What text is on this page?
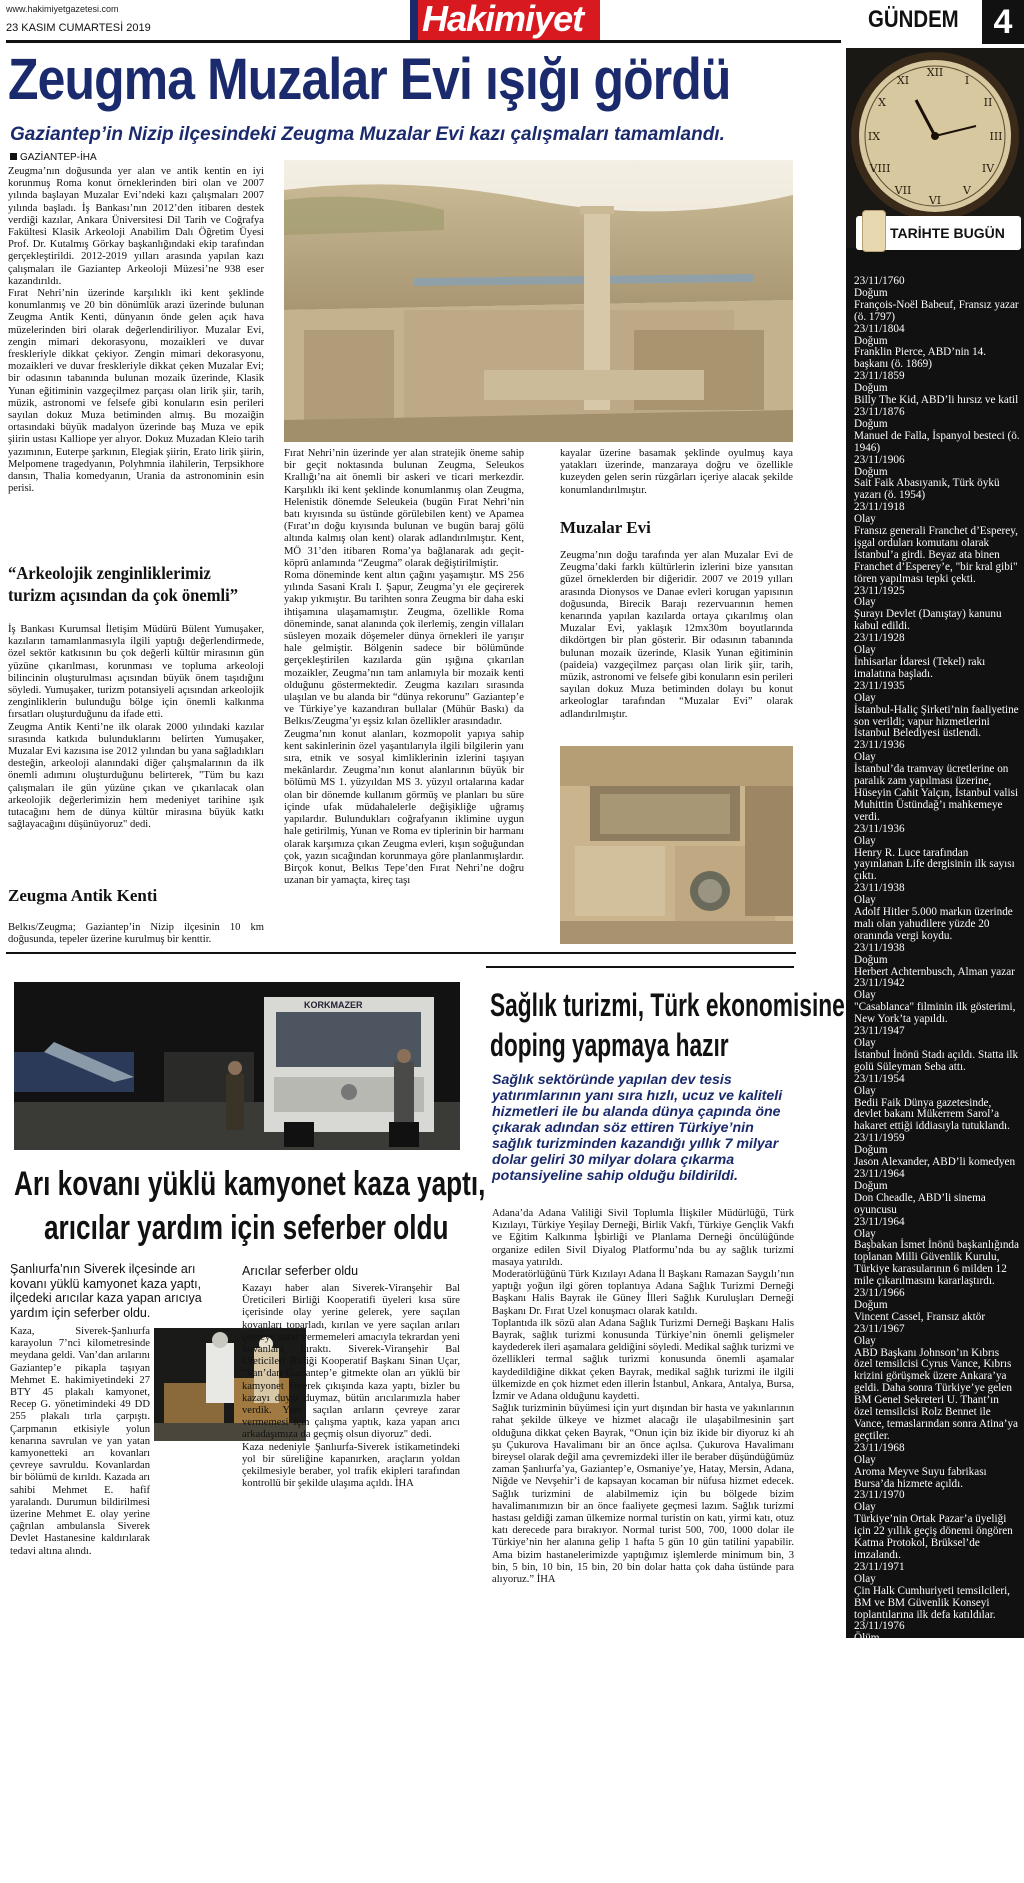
www.hakimiyetgazetesi.com
23 KASIM CUMARTESİ 2019	Hakimiyet	GÜNDEM	4
Zeugma Muzalar Evi ışığı gördü
Gaziantep’in Nizip ilçesindeki Zeugma Muzalar Evi kazı çalışmaları tamamlandı.
GAZİANTEP-İHA
Zeugma’nın doğusunda yer alan ve antik kentin en iyi korunmuş Roma konut örneklerinden biri olan ve 2007 yılında başlayan Muzalar Evi’ndeki kazı çalışmaları 2007 yılında başladı. İş Bankası’nın 2012’den itibaren destek verdiği kazılar, Ankara Üniversitesi Dil Tarih ve Coğrafya Fakültesi Klasik Arkeoloji Anabilim Dalı Öğretim Üyesi Prof. Dr. Kutalmış Görkay başkanlığındaki ekip tarafından gerçekleştirildi. 2012-2019 yılları arasında yapılan kazı çalışmaları ile Gaziantep Arkeoloji Müzesi’ne 938 eser kazandırıldı.
Fırat Nehri’nin üzerinde karşılıklı iki kent şeklinde konumlanmış ve 20 bin dönümlük arazi üzerinde bulunan Zeugma Antik Kenti, dünyanın önde gelen açık hava müzelerinden biri olarak değerlendiriliyor. Muzalar Evi, zengin mimari dekorasyonu, mozaikleri ve duvar freskleriyle dikkat çekiyor. Zengin mimari dekorasyonu, mozaikleri ve duvar freskleriyle dikkat çeken Muzalar Evi; bir odasının tabanında bulunan mozaik üzerinde, Klasik Yunan eğitiminin vazgeçilmez parçası olan lirik şiir, tarih, müzik, astronomi ve felsefe gibi konuların esin perileri sayılan dokuz Muza betiminden almış. Bu mozaiğin ortasındaki büyük madalyon üzerinde baş Muza ve epik şiirin ustası Kalliope yer alıyor. Dokuz Muzadan Kleio tarih yazımının, Euterpe şarkının, Elegiak şiirin, Erato lirik şiirin, Melpomene tragedyanın, Polyhmnia ilahilerin, Terpsikhore dansın, Thalia komedyanın, Urania da astronominin esin perisi.
“Arkeolojik zenginliklerimiz turizm açısından da çok önemli”
İş Bankası Kurumsal İletişim Müdürü Bülent Yumuşaker, kazıların tamamlanmasıyla ilgili yaptığı değerlendirmede, özel sektör katkısının bu çok değerli kültür mirasının gün yüzüne çıkarılması, korunması ve topluma arkeoloji bilincinin oluşturulması açısından büyük önem taşıdığını söyledi. Yumuşaker, turizm potansiyeli açısından arkeolojik zenginliklerin bulunduğu bölge için önemli kalkınma fırsatları oluşturduğunu da ifade etti.
Zeugma Antik Kenti’ne ilk olarak 2000 yılındaki kazılar sırasında katkıda bulunduklarını belirten Yumuşaker, Muzalar Evi kazısına ise 2012 yılından bu yana sağladıkları desteğin, arkeoloji alanındaki diğer çalışmalarının da ilk önemli adımını oluşturduğunu belirterek, "Tüm bu kazı çalışmaları ile gün yüzüne çıkan ve çıkarılacak olan arkeolojik değerlerimizin hem medeniyet tarihine ışık tutacağını hem de dünya kültür mirasına büyük katkı sağlayacağını düşünüyoruz" dedi.
Zeugma Antik Kenti
Belkıs/Zeugma; Gaziantep’in Nizip ilçesinin 10 km doğusunda, tepeler üzerine kurulmuş bir kenttir.
Fırat Nehri’nin üzerinde yer alan stratejik öneme sahip bir geçit noktasında bulunan Zeugma, Seleukos Krallığı’na ait önemli bir askeri ve ticari merkezdir. Karşılıklı iki kent şeklinde konumlanmış olan Zeugma, Helenistik dönemde Seleukeia (bugün Fırat Nehri’nin batı kıyısında su üstünde görülebilen kent) ve Apamea (Fırat’ın doğu kıyısında bulunan ve bugün baraj gölü altında kalmış olan kent) olarak adlandırılmıştır. Kent, MÖ 31’den itibaren Roma’ya bağlanarak adı geçit-köprü anlamında “Zeugma” olarak değiştirilmiştir.
Roma döneminde kent altın çağını yaşamıştır. MS 256 yılında Sasani Kralı I. Şapur, Zeugma’yı ele geçirerek yakıp yıkmıştır. Bu tarihten sonra Zeugma bir daha eski ihtişamına ulaşamamıştır. Zeugma, özellikle Roma döneminde, sanat alanında çok ilerlemiş, zengin villaları süsleyen mozaik döşemeler dünya örnekleri ile yarışır hale gelmiştir. Bölgenin sadece bir bölümünde gerçekleştirilen kazılarda gün ışığına çıkarılan mozaikler, Zeugma’nın tam anlamıyla bir mozaik kenti olduğunu göstermektedir. Zeugma kazıları sırasında ulaşılan ve bu alanda bir “dünya rekorunu” Gaziantep’e ve Türkiye’ye kazandıran bullalar (Mühür Baskı) da Belkıs/Zeugma’yı eşsiz kılan özellikler arasındadır.
Zeugma’nın konut alanları, kozmopolit yapıya sahip kent sakinlerinin özel yaşantılarıyla ilgili bilgilerin yanı sıra, etnik ve sosyal kimliklerinin izlerini taşıyan mekânlardır. Zeugma’nın konut alanlarının büyük bir bölümü MS 1. yüzyıldan MS 3. yüzyıl ortalarına kadar olan bir dönemde kullanım görmüş ve planları bu süre içinde ufak müdahalelerle değişikliğe uğramış yapılardır. Bulundukları coğrafyanın iklimine uygun hale getirilmiş, Yunan ve Roma ev tiplerinin bir harmanı olarak karşımıza çıkan Zeugma evleri, kışın soğuğundan çok, yazın sıcağından korunmaya göre planlanmışlardır. Birçok konut, Belkıs Tepe’den Fırat Nehri’ne doğru uzanan bir yamaçta, kireç taşı
kayalar üzerine basamak şeklinde oyulmuş kaya yatakları üzerinde, manzaraya doğru ve özellikle kuzeyden gelen serin rüzgârları içeriye alacak şekilde konumlandırılmıştır.
Muzalar Evi
Zeugma’nın doğu tarafında yer alan Muzalar Evi de Zeugma’daki farklı kültürlerin izlerini bize yansıtan güzel örneklerden bir diğeridir. 2007 ve 2019 yılları arasında Dionysos ve Danae evleri korugan yapısının doğusunda, Birecik Barajı rezervuarının hemen kenarında yapılan kazılarda ortaya çıkarılmış olan Muzalar Evi, yaklaşık 12mx30m boyutlarında dikdörtgen bir plan gösterir. Bir odasının tabanında bulunan mozaik üzerinde, Klasik Yunan eğitiminin (paideia) vazgeçilmez parçası olan lirik şiir, tarih, müzik, astronomi ve felsefe gibi konuların esin perileri sayılan dokuz Muza betiminden dolayı bu konut arkeologlar tarafından “Muzalar Evi” olarak adlandırılmıştır.
KORKMAZER
Arı kovanı yüklü kamyonet kaza yaptı,
arıcılar yardım için seferber oldu
Şanlıurfa’nın Siverek ilçesinde arı kovanı yüklü kamyonet kaza yaptı, ilçedeki arıcılar kaza yapan arıcıya yardım için seferber oldu.
Kaza, Siverek-Şanlıurfa karayolun 7’nci kilometresinde meydana geldi. Van’dan arılarını Gaziantep’e pikapla taşıyan Mehmet E. hakimiyetindeki 27 BTY 45 plakalı kamyonet, Recep G. yönetimindeki 49 DD 255 plakalı tırla çarpıştı. Çarpmanın etkisiyle yolun kenarına savrulan ve yan yatan kamyonetteki arı kovanları çevreye savruldu. Kovanlardan bir bölümü de kırıldı. Kazada arı sahibi Mehmet E. hafif yaralandı. Durumun bildirilmesi üzerine Mehmet E. olay yerine çağrılan ambulansla Siverek Devlet Hastanesine kaldırılarak tedavi altına alındı.
Arıcılar seferber oldu
Kazayı haber alan Siverek-Viranşehir Bal Üreticileri Birliği Kooperatifi üyeleri kısa süre içerisinde olay yerine gelerek, yere saçılan kovanları toparladı, kırılan ve yere saçılan arıları çevreye zarar vermemeleri amacıyla tekrardan yeni kovanlara bıraktı. Siverek-Viranşehir Bal Üreticileri Birliği Kooperatif Başkanı Sinan Uçar, "Van’dan Gaziantep’e gitmekte olan arı yüklü bir kamyonet Siverek çıkışında kaza yaptı, bizler bu kazayı duyar duymaz, bütün arıcılarımızla haber verdik. Yere saçılan arıların çevreye zarar vermemesi için çalışma yaptık, kaza yapan arıcı arkadaşımıza da geçmiş olsun diyoruz" dedi.
Kaza nedeniyle Şanlıurfa-Siverek istikametindeki yol bir süreliğine kapanırken, araçların yoldan çekilmesiyle beraber, yol trafik ekipleri tarafından kontrollü bir şekilde ulaşıma açıldı. İHA
Sağlık turizmi, Türk ekonomisine
doping yapmaya hazır
Sağlık sektöründe yapılan dev tesis yatırımlarının yanı sıra hızlı, ucuz ve kaliteli hizmetleri ile bu alanda dünya çapında öne çıkarak adından söz ettiren Türkiye’nin sağlık turizminden kazandığı yıllık 7 milyar dolar geliri 30 milyar dolara çıkarma potansiyeline sahip olduğu bildirildi.
Adana’da Adana Valiliği Sivil Toplumla İlişkiler Müdürlüğü, Türk Kızılayı, Türkiye Yeşilay Derneği, Birlik Vakfı, Türkiye Gençlik Vakfı ve Eğitim Kalkınma İşbirliği ve Planlama Derneği öncülüğünde organize edilen Sivil Diyalog Platformu’nda bu ay sağlık turizmi masaya yatırıldı.
Moderatörlüğünü Türk Kızılayı Adana İl Başkanı Ramazan Saygılı’nın yaptığı yoğun ilgi gören toplantıya Adana Sağlık Turizmi Derneği Başkanı Halis Bayrak ile Güney İlleri Sağlık Kuruluşları Derneği Başkanı Dr. Fırat Uzel konuşmacı olarak katıldı.
Toplantıda ilk sözü alan Adana Sağlık Turizmi Derneği Başkanı Halis Bayrak, sağlık turizmi konusunda Türkiye’nin önemli gelişmeler kaydederek ileri aşamalara geldiğini söyledi. Medikal sağlık turizmi ve özellikleri termal sağlık turizmi konusunda önemli aşamalar kaydedildiğine dikkat çeken Bayrak, medikal sağlık turizmi ile ilgili ülkemizde en çok hizmet eden illerin İstanbul, Ankara, Antalya, Bursa, İzmir ve Adana olduğunu kaydetti.
Sağlık turizminin büyümesi için yurt dışından bir hasta ve yakınlarının rahat şekilde ülkeye ve hizmet alacağı ile ulaşabilmesinin şart olduğuna dikkat çeken Bayrak, “Onun için biz ikide bir diyoruz ki ah şu Çukurova Havalimanı bir an önce açılsa. Çukurova Havalimanı bireysel olarak değil ama çevremizdeki iller ile beraber düşündüğümüz zaman Şanlıurfa’ya, Gaziantep’e, Osmaniye’ye, Hatay, Mersin, Adana, Niğde ve Nevşehir’i de kapsayan kocaman bir nüfusa hizmet edecek. Sağlık turizmini de alabilmemiz için bu bölgede bizim havalimanımızın bir an önce faaliyete geçmesi lazım. Sağlık turizmi hastası geldiği zaman ülkemize normal turistin on katı, yirmi katı, otuz katı derecede para bırakıyor. Normal turist 500, 700, 1000 dolar ile Türkiye’nin her alanına gelip 1 hafta 5 gün 10 gün tatilini yapabilir. Ama bizim hastanelerimizde yaptığımız işlemlerde minimum bin, 3 bin, 5 bin, 10 bin, 15 bin, 20 bin dolar hatta çok daha üstünde para alıyoruz.” İHA
XII
I
II
III
IV
V
VI
VII
VIII
IX
X
XI
TARİHTE BUGÜN
23/11/1760
Doğum
François-Noël Babeuf, Fransız yazar (ö. 1797)
23/11/1804
Doğum
Franklin Pierce, ABD’nin 14. başkanı (ö. 1869)
23/11/1859
Doğum
Billy The Kid, ABD’li hırsız ve katil
23/11/1876
Doğum
Manuel de Falla, İspanyol besteci (ö. 1946)
23/11/1906
Doğum
Sait Faik Abasıyanık, Türk öykü yazarı (ö. 1954)
23/11/1918
Olay
Fransız generali Franchet d’Esperey, işgal orduları komutanı olarak İstanbul’a girdi. Beyaz ata binen Franchet d’Esperey’e, "bir kral gibi" tören yapılması tepki çekti.
23/11/1925
Olay
Şurayı Devlet (Danıştay) kanunu kabul edildi.
23/11/1928
Olay
İnhisarlar İdaresi (Tekel) rakı imalatına başladı.
23/11/1935
Olay
İstanbul-Haliç Şirketi’nin faaliyetine son verildi; vapur hizmetlerini İstanbul Belediyesi üstlendi.
23/11/1936
Olay
İstanbul’da tramvay ücretlerine on paralık zam yapılması üzerine, Hüseyin Cahit Yalçın, İstanbul valisi Muhittin Üstündağ’ı mahkemeye verdi.
23/11/1936
Olay
Henry R. Luce tarafından yayınlanan Life dergisinin ilk sayısı çıktı.
23/11/1938
Olay
Adolf Hitler 5.000 markın üzerinde malı olan yahudilere yüzde 20 oranında vergi koydu.
23/11/1938
Doğum
Herbert Achternbusch, Alman yazar
23/11/1942
Olay
"Casablanca" filminin ilk gösterimi, New York’ta yapıldı.
23/11/1947
Olay
İstanbul İnönü Stadı açıldı. Statta ilk golü Süleyman Seba attı.
23/11/1954
Olay
Bedii Faik Dünya gazetesinde, devlet bakanı Mükerrem Sarol’a hakaret ettiği iddiasıyla tutuklandı.
23/11/1959
Doğum
Jason Alexander, ABD’li komedyen
23/11/1964
Doğum
Don Cheadle, ABD’li sinema oyuncusu
23/11/1964
Olay
Başbakan İsmet İnönü başkanlığında toplanan Milli Güvenlik Kurulu, Türkiye karasularının 6 milden 12 mile çıkarılmasını kararlaştırdı.
23/11/1966
Doğum
Vincent Cassel, Fransız aktör
23/11/1967
Olay
ABD Başkanı Johnson’ın Kıbrıs özel temsilcisi Cyrus Vance, Kıbrıs krizini görüşmek üzere Ankara’ya geldi. Daha sonra Türkiye’ye gelen BM Genel Sekreteri U. Thant’ın özel temsilcisi Rolz Bennet ile Vance, temaslarından sonra Atina’ya geçtiler.
23/11/1968
Olay
Aroma Meyve Suyu fabrikası Bursa’da hizmete açıldı.
23/11/1970
Olay
Türkiye’nin Ortak Pazar’a üyeliği için 22 yıllık geçiş dönemi öngören Katma Protokol, Brüksel’de imzalandı.
23/11/1971
Olay
Çin Halk Cumhuriyeti temsilcileri, BM ve BM Güvenlik Konseyi toplantılarına ilk defa katıldılar.
23/11/1976
Ölüm
Fransız düşünürü Andre Malraux öldü.
23/11/1979
Ölüm
Merle Oberon sinema oyuncusu (d. 19 Şubat 1911)
23/11/1979
Doğum
Nihat Kahveci, Türk Futbolcu
23/11/1980
Olay
Güney İtalya’da deprem: yaklaşık 4.800 kişi öldü.
23/11/1981
Doğum
Nick Carle, Avustralyalı futbolcu
23/11/1984
Doğum
Lucas Grabeel, ABD li oyuncu ve şarkıcı
